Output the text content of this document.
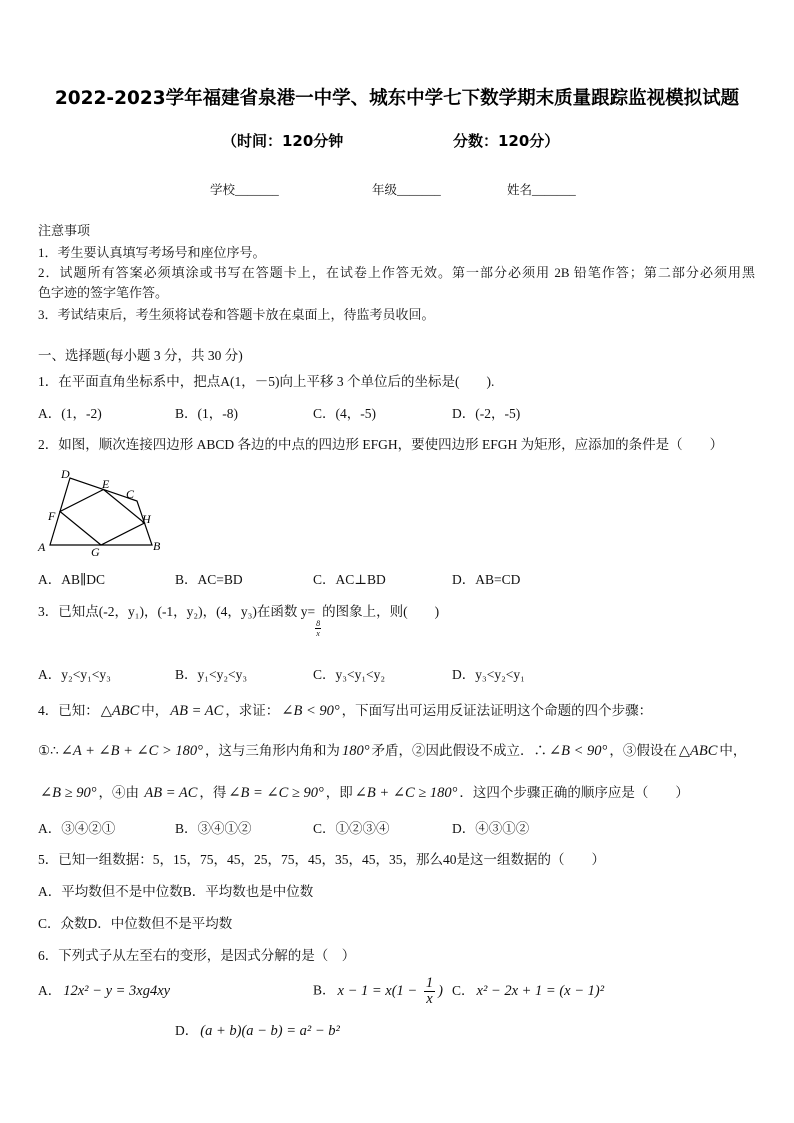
2022-2023学年福建省泉港一中学、城东中学七下数学期末质量跟踪监视模拟试题
（时间：120分钟	分数：120分）
学校_______	年级_______	姓名_______
注意事项
1．考生要认真填写考场号和座位序号。
2．试题所有答案必须填涂或书写在答题卡上，在试卷上作答无效。第一部分必须用 2B 铅笔作答；第二部分必须用黑
色字迹的签字笔作答。
3．考试结束后，考生须将试卷和答题卡放在桌面上，待监考员收回。
一、选择题(每小题 3 分，共 30 分)
1．在平面直角坐标系中，把点A(1，－5)向上平移 3 个单位后的坐标是(　　).
A．(1，-2)	B．(1，-8)	C．(4，-5)	D．(-2，-5)
2．如图，顺次连接四边形 ABCD 各边的中点的四边形 EFGH，要使四边形 EFGH 为矩形，应添加的条件是（　　）
D
E
C
F	H
A	G	B
A．AB∥DC	B．AC=BD	C．AC⊥BD	D．AB=CD
3．已知点(-2，y₁)，(-1，y₂)，(4，y₃)在函数 y=
$\frac{8}{x}$
的图象上，则(　　)
A．y₂<y₁<y₃	B．y₁<y₂<y₃	C．y₃<y₁<y₂	D．y₃<y₂<y₁
4．已知： △ABC 中， AB = AC ，求证： ∠B < 90° ，下面写出可运用反证法证明这个命题的四个步骤：
①∴ ∠A + ∠B + ∠C > 180° ，这与三角形内角和为 180° 矛盾，②因此假设不成立．∴ ∠B < 90° ，③假设在 △ABC 中，
∠B ≥ 90° ，④由 AB = AC ，得 ∠B = ∠C ≥ 90° ，即 ∠B + ∠C ≥ 180° ．这四个步骤正确的顺序应是（　　）
A．③④②①	B．③④①②	C．①②③④	D．④③①②
5．已知一组数据：5，15，75，45，25，75，45，35，45，35，那么40是这一组数据的（　　）
A．平均数但不是中位数B．平均数也是中位数
C．众数D．中位数但不是平均数
6．下列式子从左至右的变形，是因式分解的是（　）
A． 12x² − y = 3xg4xy	B． $x - 1 = x(1 - \frac{1}{x}$ ) C． x² − 2x + 1 = (x − 1)²
D． (a + b)(a − b) = a² − b²
